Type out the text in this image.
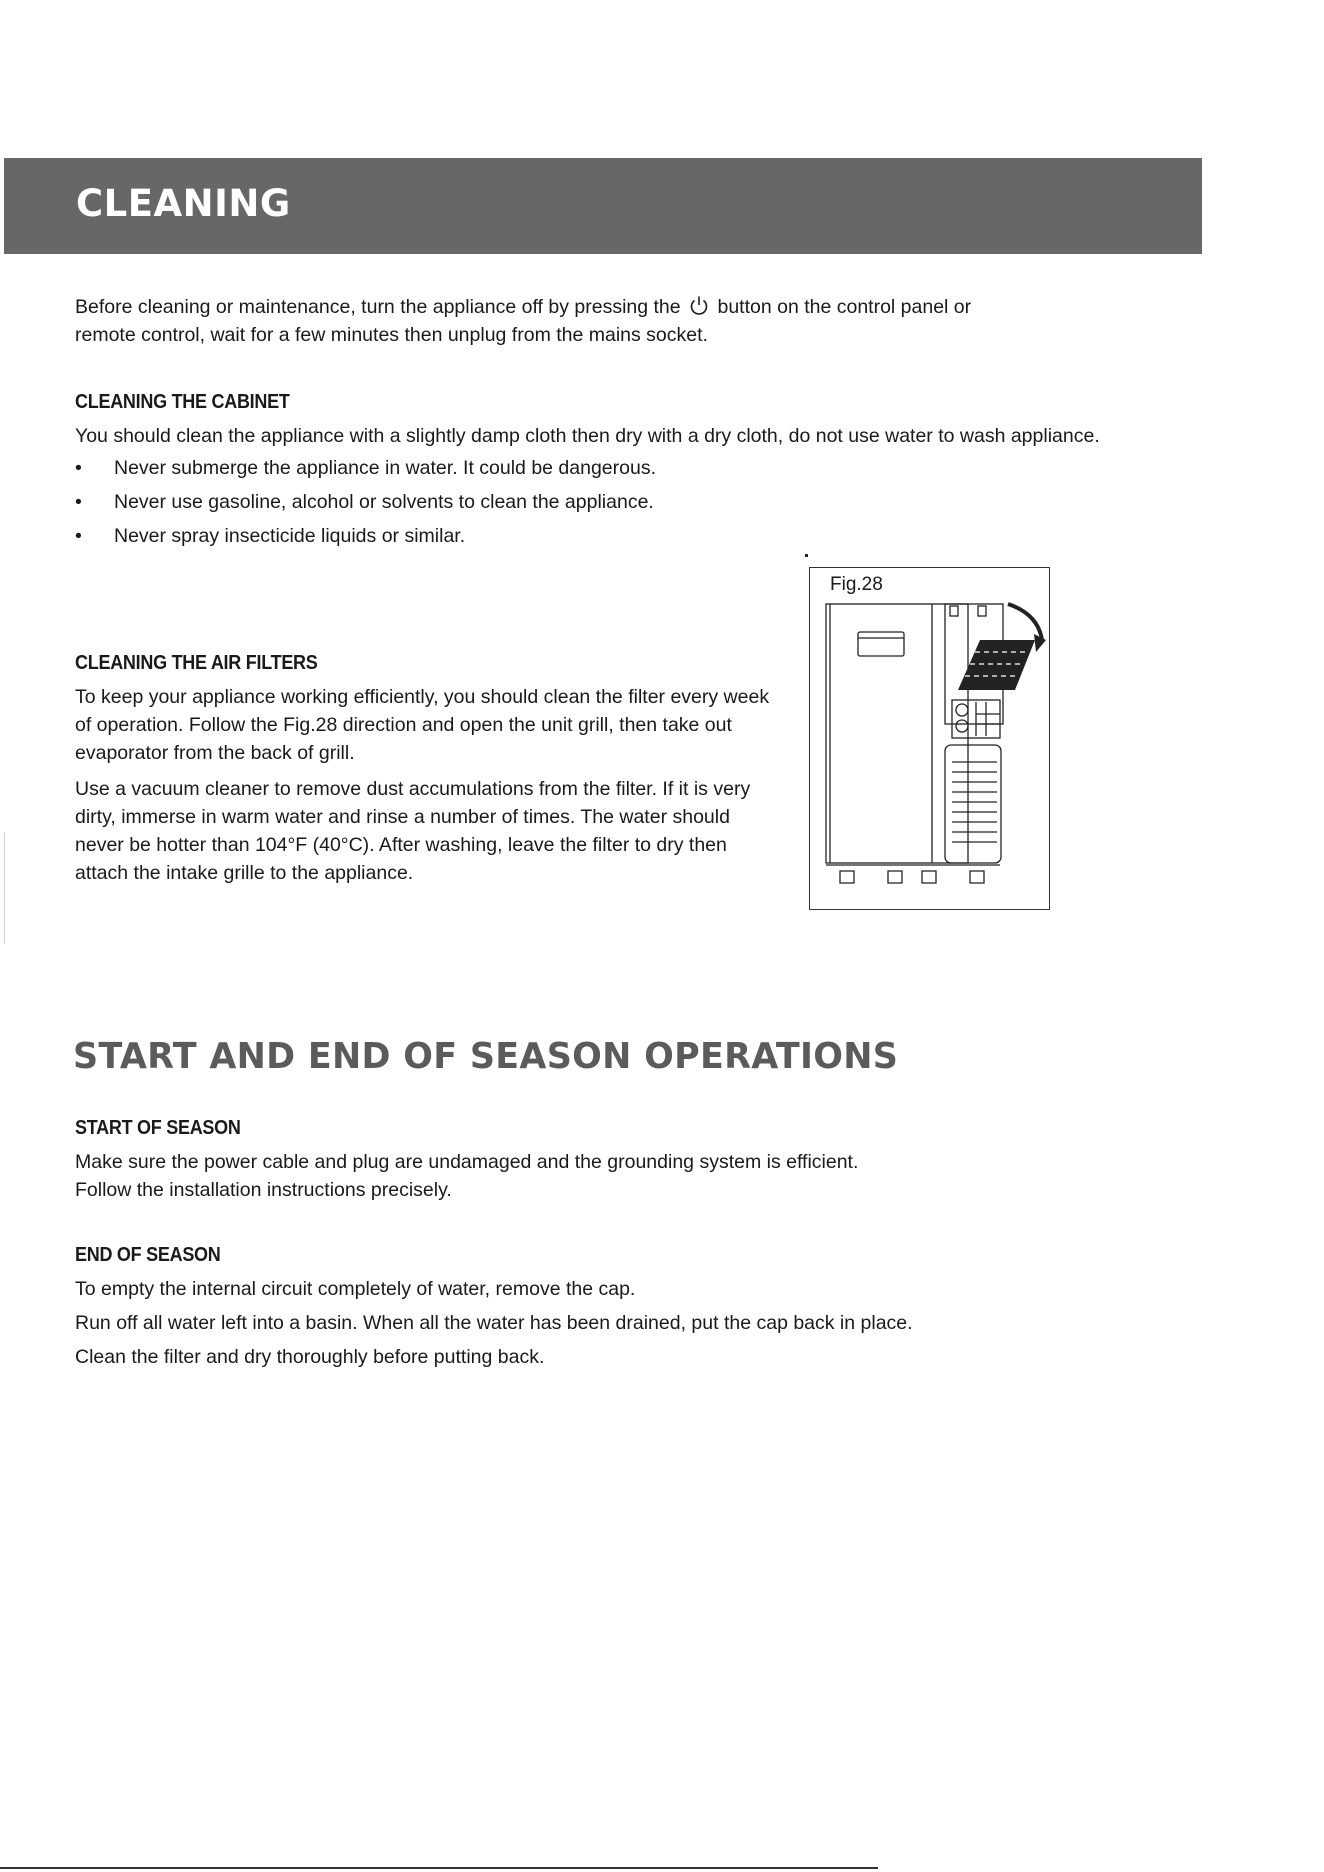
CLEANING

Before cleaning or maintenance, turn the appliance off by pressing the button on the control panel or
remote control, wait for a few minutes then unplug from the mains socket.

CLEANING THE CABINET

You should clean the appliance with a slightly damp cloth then dry with a dry cloth, do not use water to wash appliance.

• Never submerge the appliance in water. It could be dangerous.
• Never use gasoline, alcohol or solvents to clean the appliance.
• Never spray insecticide liquids or similar.
CLEANING THE AIR FILTERS

To keep your appliance working efficiently, you should clean the filter every week of operation. Follow the Fig.28 direction and open the unit grill, then take out evaporator from the back of grill.

Use a vacuum cleaner to remove dust accumulations from the filter. If it is very dirty, immerse in warm water and rinse a number of times. The water should never be hotter than 104°F (40°C). After washing, leave the filter to dry then attach the intake grille to the appliance.

Fig.28
START AND END OF SEASON OPERATIONS
START OF SEASON

Make sure the power cable and plug are undamaged and the grounding system is efficient.

Follow the installation instructions precisely.

END OF SEASON

To empty the internal circuit completely of water, remove the cap.

Run off all water left into a basin. When all the water has been drained, put the cap back in place.

Clean the filter and dry thoroughly before putting back.
